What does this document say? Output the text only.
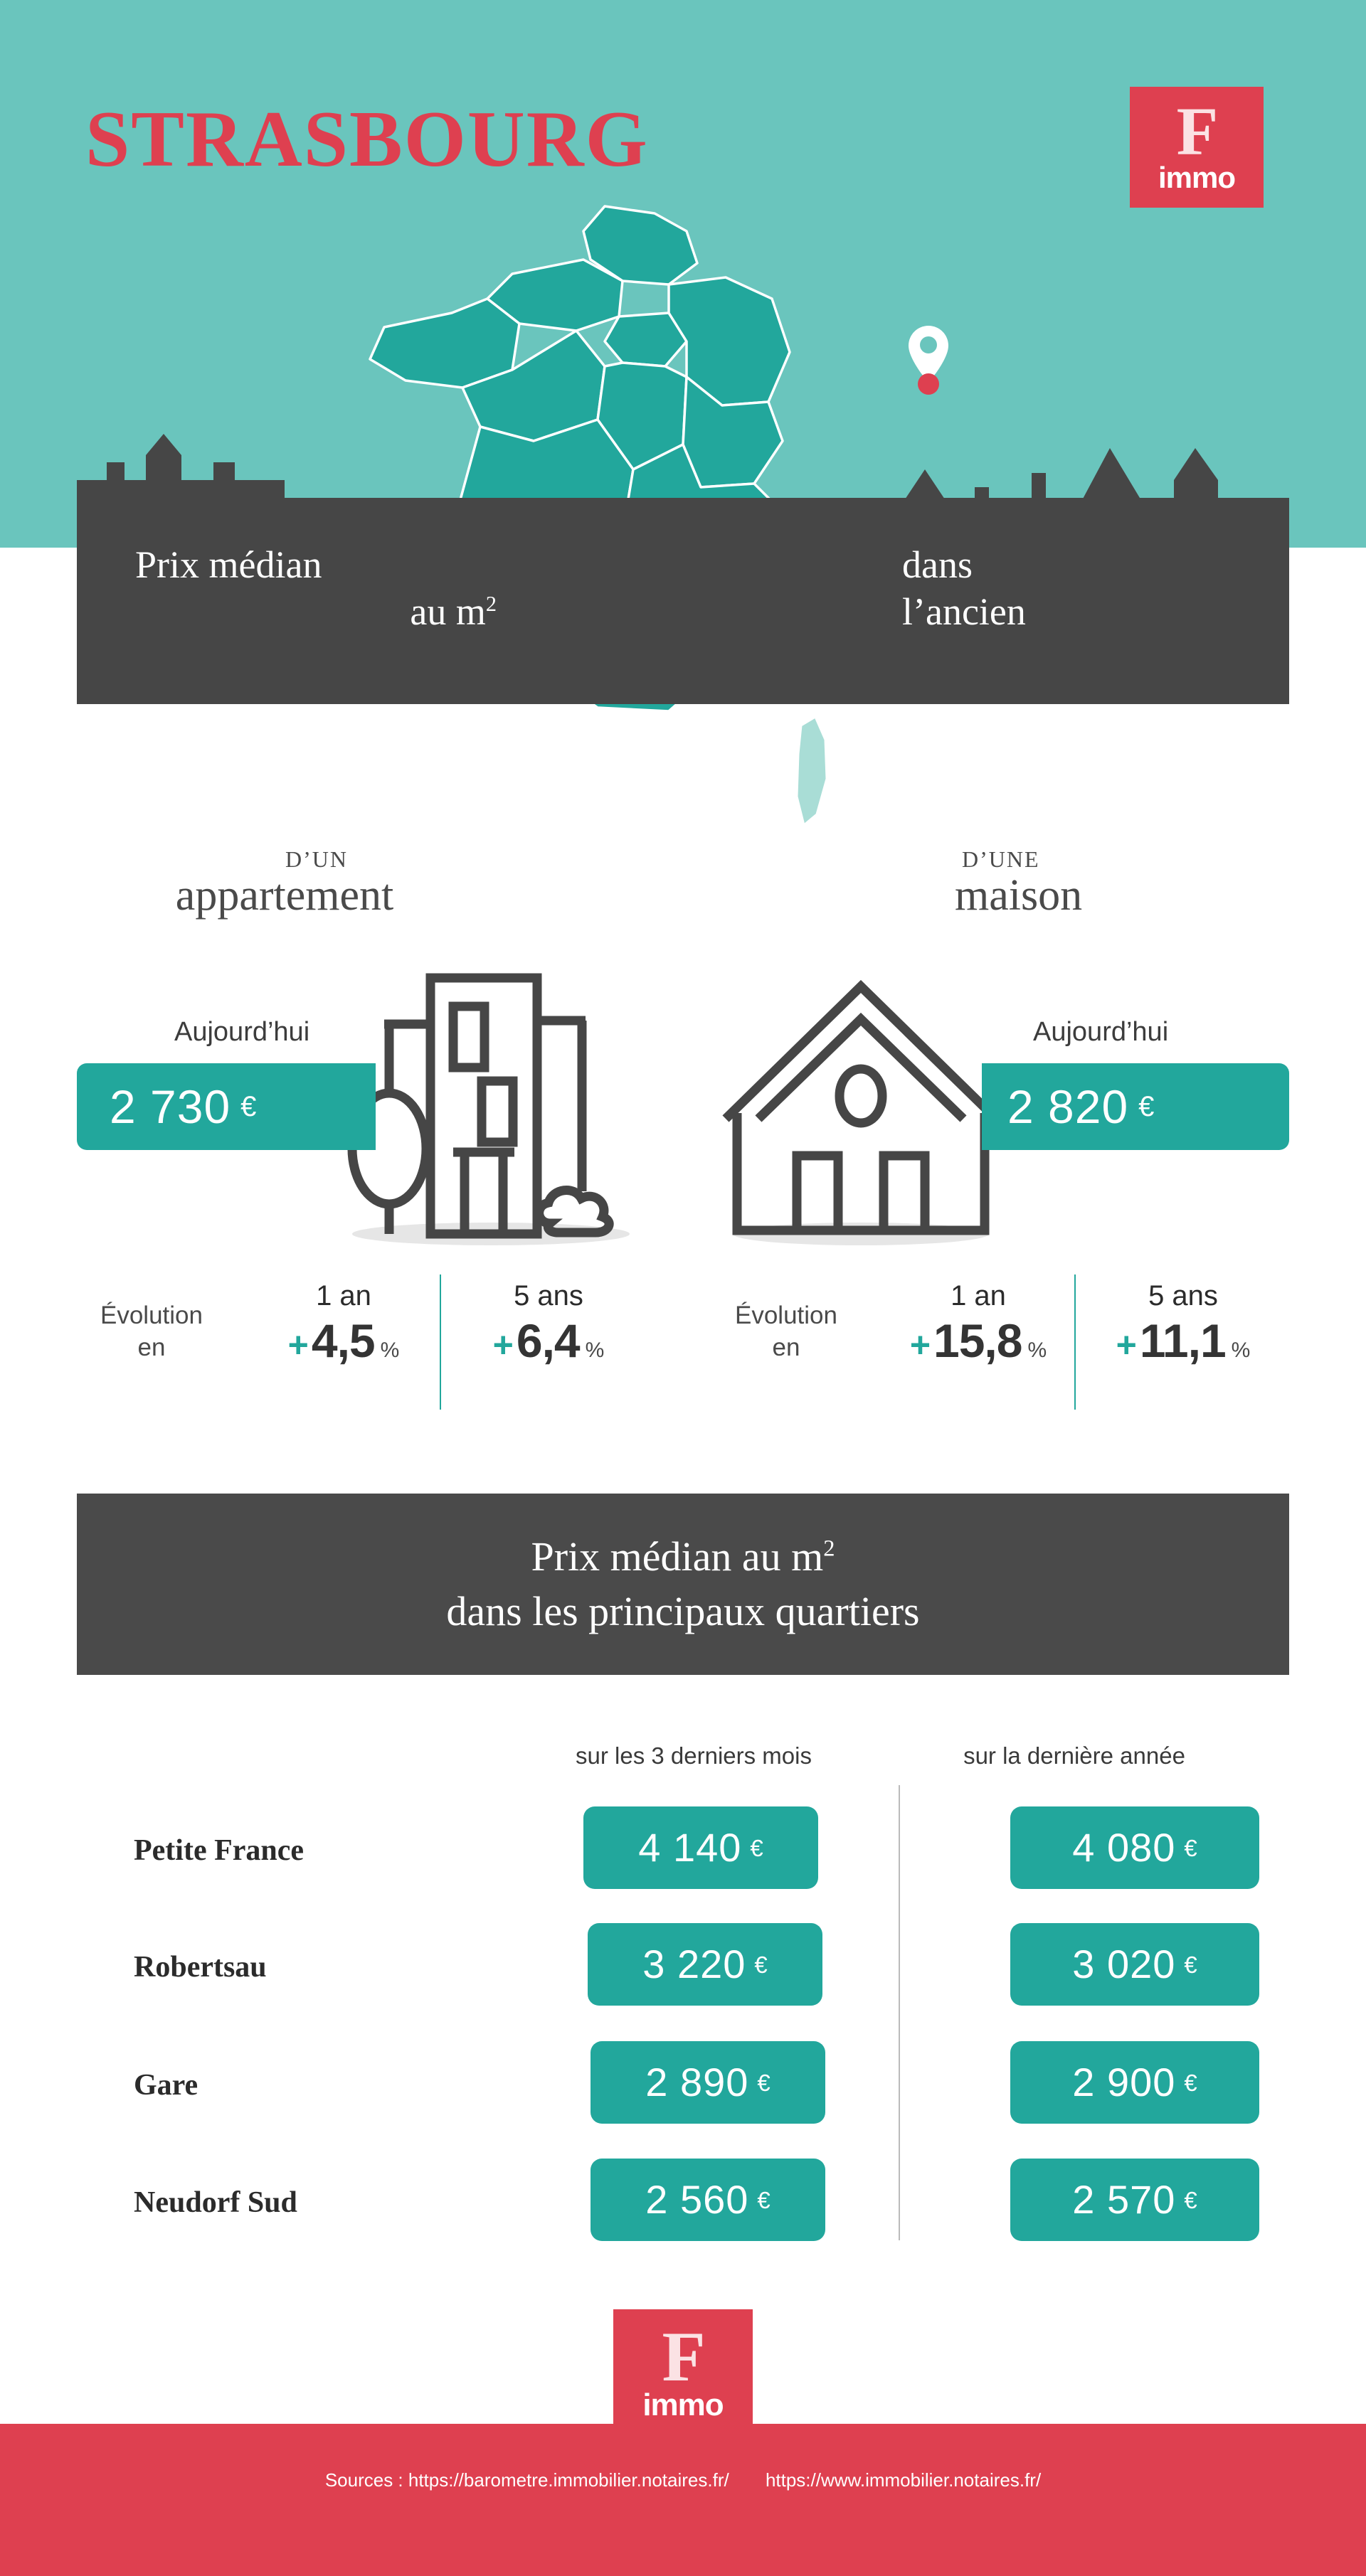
STRASBOURG	F
immo
Prix médian
au $m^2$
dans
l’ancien
D’UN
appartement
D’UNE
maison
Aujourd’hui
2 730 €
Aujourd’hui
2 820 €
Évolution
en
1 an
+ 4,5 %
5 ans
+ 6,4 %
Évolution
en
1 an
+ 15,8 %
5 ans
+ 11,1 %
Prix médian au $m^2$
dans les principaux quartiers
sur les 3 derniers mois	sur la dernière année
Petite France	4 140 €	4 080 €
Robertsau	3 220 €	3 020 €
Gare	2 890 €	2 900 €
Neudorf Sud	2 560 €	2 570 €
F
immo
Sources : https://barometre.immobilier.notaires.fr/ https://www.immobilier.notaires.fr/
